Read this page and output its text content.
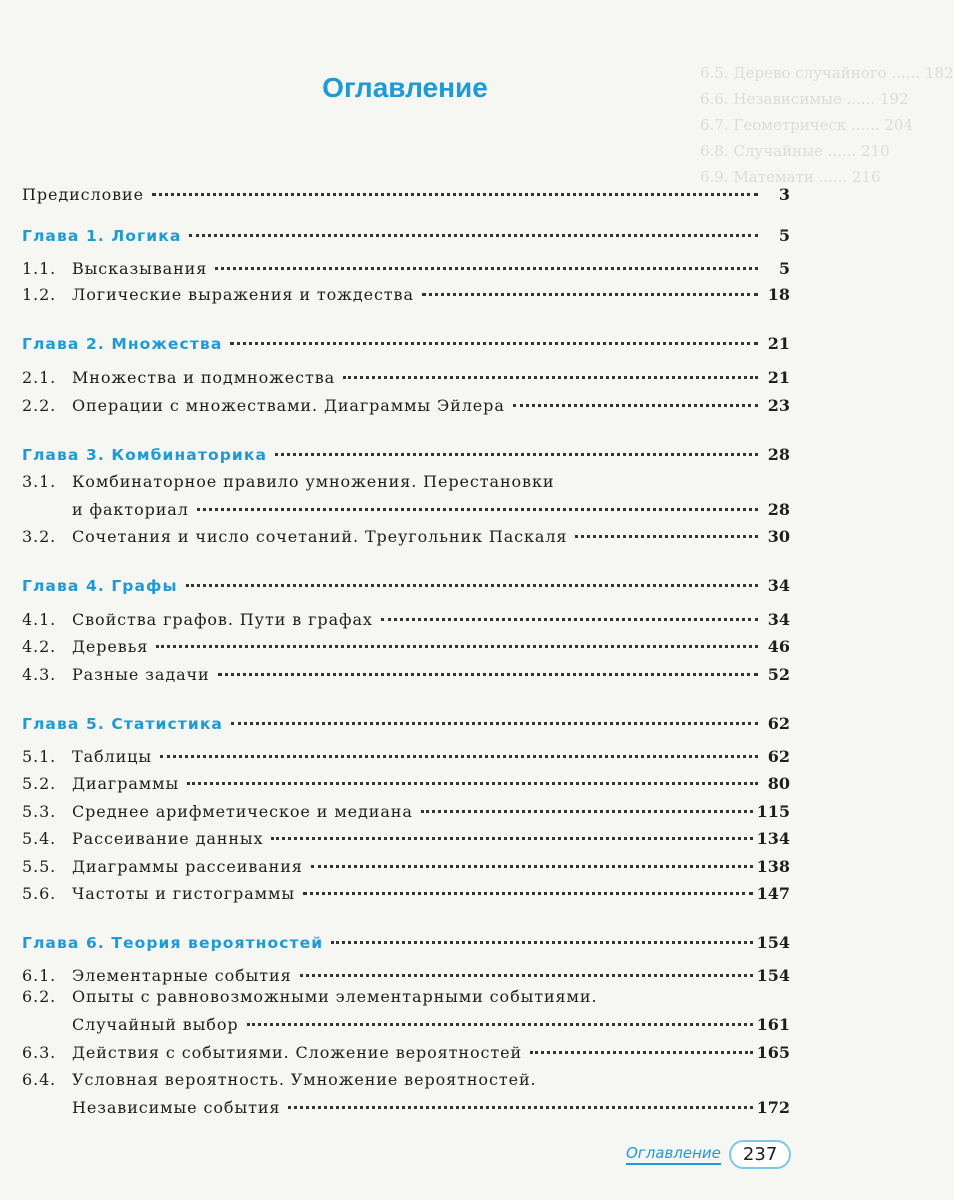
6.5. Дерево случайного ...... 182
6.6. Независимые ...... 192
6.7. Геометрическ ...... 204
6.8. Случайные ...... 210
6.9. Математи ...... 216
Оглавление
Предисловие	3
Глава 1. Логика	5
1.1. Высказывания	5
1.2. Логические выражения и тождества	18
Глава 2. Множества	21
2.1. Множества и подмножества	21
2.2. Операции с множествами. Диаграммы Эйлера	23
Глава 3. Комбинаторика	28
3.1. Комбинаторное правило умножения. Перестановки
и факториал	28
3.2. Сочетания и число сочетаний. Треугольник Паскаля	30
Глава 4. Графы	34
4.1. Свойства графов. Пути в графах	34
4.2. Деревья	46
4.3. Разные задачи	52
Глава 5. Статистика	62
5.1. Таблицы	62
5.2. Диаграммы	80
5.3. Среднее арифметическое и медиана	115
5.4. Рассеивание данных	134
5.5. Диаграммы рассеивания	138
5.6. Частоты и гистограммы	147
Глава 6. Теория вероятностей	154
6.1. Элементарные события	154
6.2. Опыты с равновозможными элементарными событиями.
Случайный выбор	161
6.3. Действия с событиями. Сложение вероятностей	165
6.4. Условная вероятность. Умножение вероятностей.
Независимые события	172
Оглавление	237
